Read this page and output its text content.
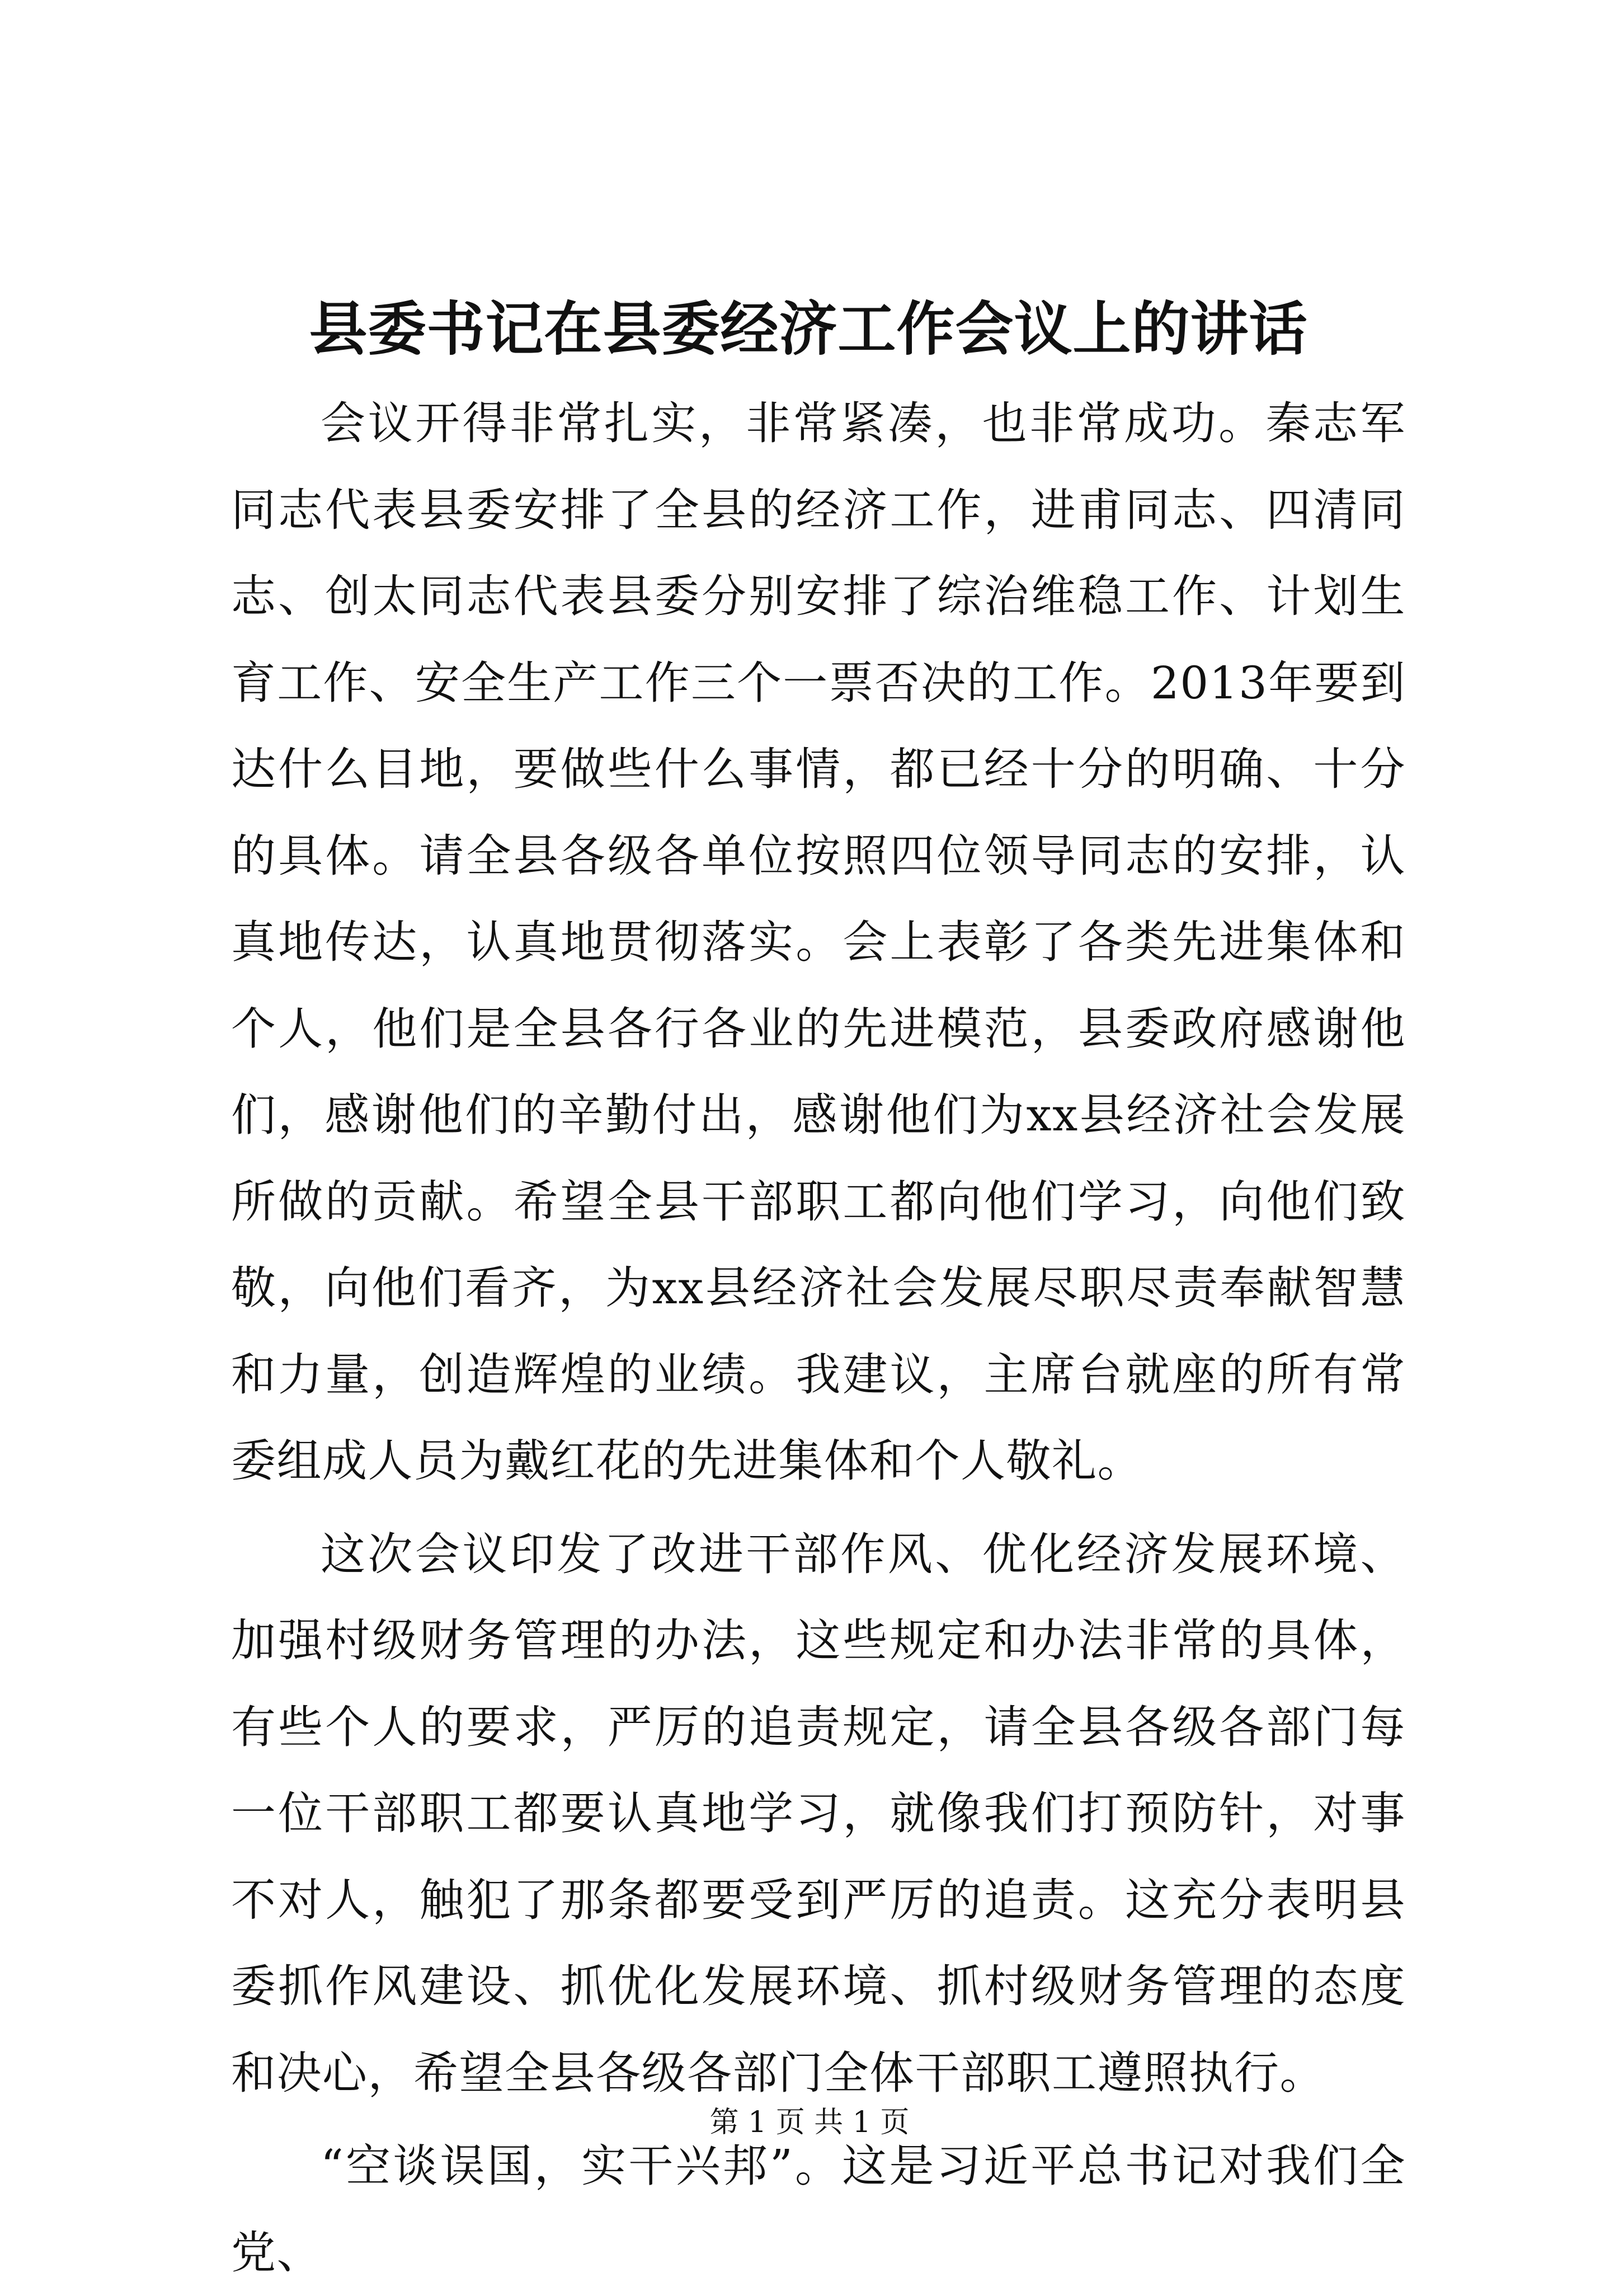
县委书记在县委经济工作会议上的讲话

会议开得非常扎实，非常紧凑，也非常成功。秦志军同志代表县委安排了全县的经济工作，进甫同志、四清同志、创太同志代表县委分别安排了综治维稳工作、计划生育工作、安全生产工作三个一票否决的工作。2013年要到达什么目地，要做些什么事情，都已经十分的明确、十分的具体。请全县各级各单位按照四位领导同志的安排，认真地传达，认真地贯彻落实。会上表彰了各类先进集体和个人，他们是全县各行各业的先进模范，县委政府感谢他们，感谢他们的辛勤付出，感谢他们为xx县经济社会发展所做的贡献。希望全县干部职工都向他们学习，向他们致敬，向他们看齐，为xx县经济社会发展尽职尽责奉献智慧和力量，创造辉煌的业绩。我建议，主席台就座的所有常委组成人员为戴红花的先进集体和个人敬礼。

这次会议印发了改进干部作风、优化经济发展环境、加强村级财务管理的办法，这些规定和办法非常的具体，有些个人的要求，严厉的追责规定，请全县各级各部门每一位干部职工都要认真地学习，就像我们打预防针，对事不对人，触犯了那条都要受到严厉的追责。这充分表明县委抓作风建设、抓优化发展环境、抓村级财务管理的态度和决心，希望全县各级各部门全体干部职工遵照执行。

“空谈误国，实干兴邦”。这是习近平总书记对我们全党、

第 1 页 共 1 页
